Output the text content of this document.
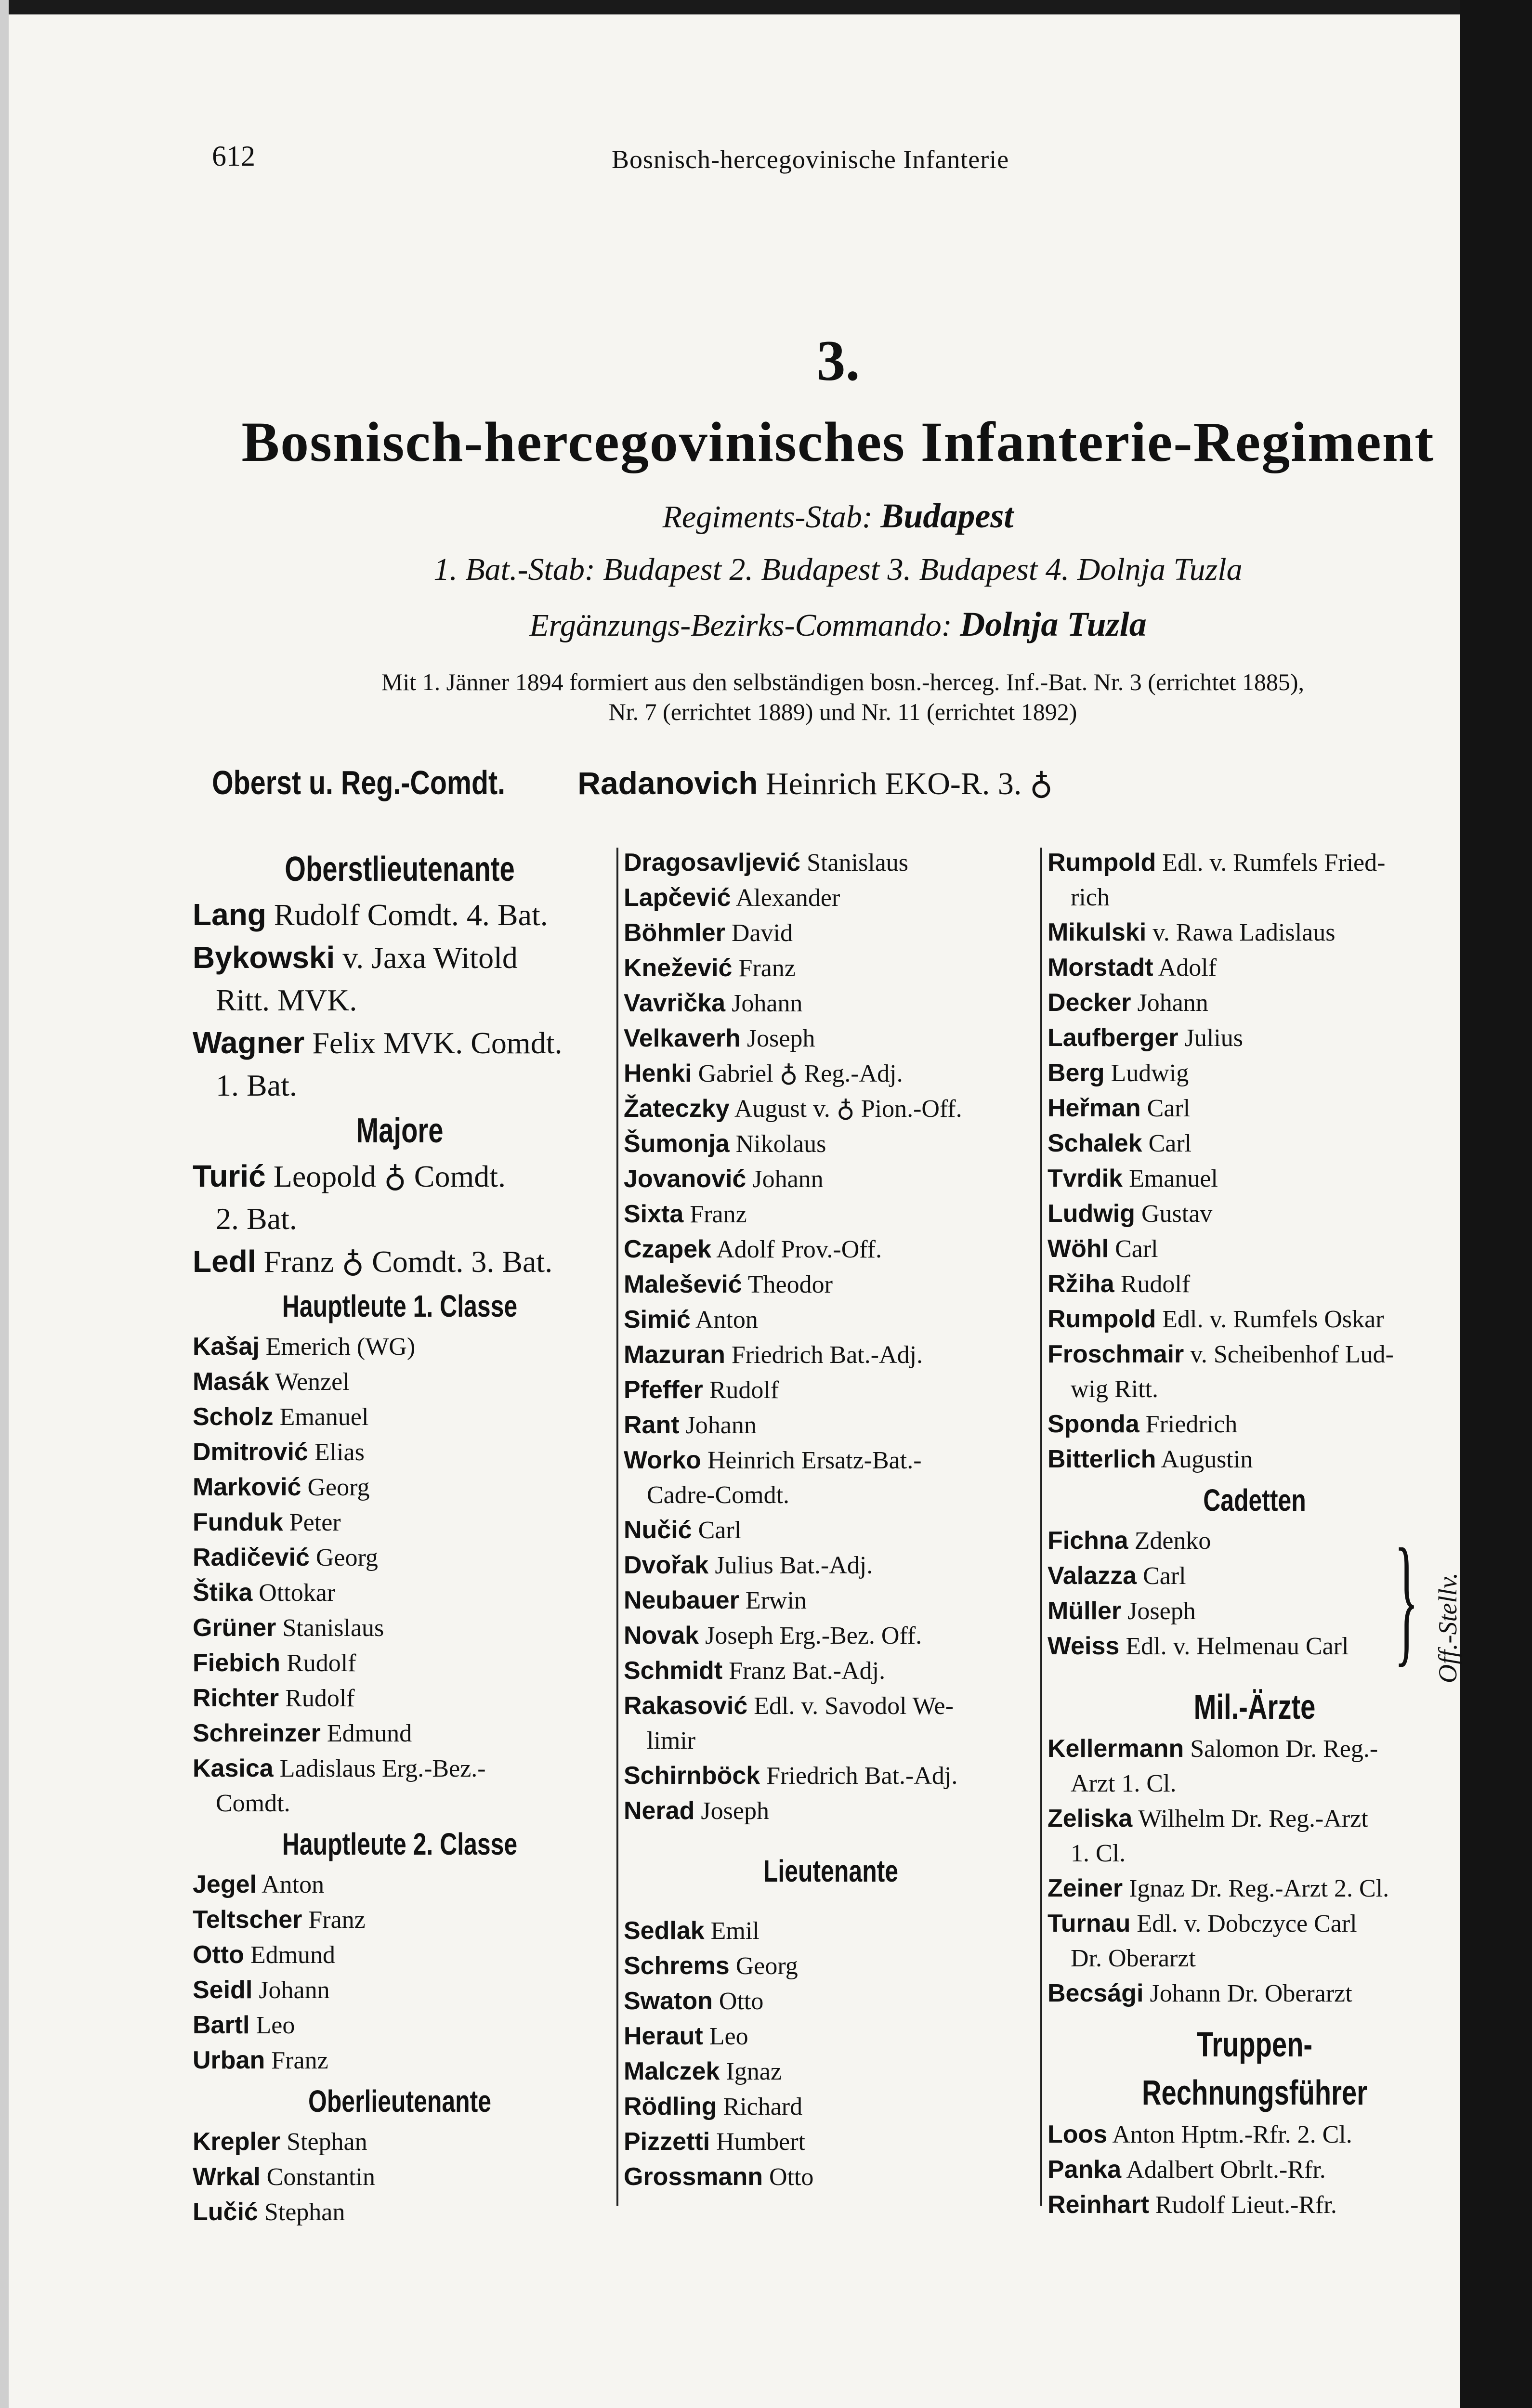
612	Bosnisch-hercegovinische Infanterie
3.
Bosnisch-hercegovinisches Infanterie-Regiment
Regiments-Stab: Budapest
1. Bat.-Stab: Budapest 2. Budapest 3. Budapest 4. Dolnja Tuzla
Ergänzungs-Bezirks-Commando: Dolnja Tuzla
Mit 1. Jänner 1894 formiert aus den selbständigen bosn.-herceg. Inf.-Bat. Nr. 3 (errichtet 1885),
Nr. 7 (errichtet 1889) und Nr. 11 (errichtet 1892)
Oberst u. Reg.-Comdt. Radanovich Heinrich EKO-R. 3. ♁
Oberstlieutenante
Lang Rudolf Comdt. 4. Bat.
Bykowski v. Jaxa Witold
Ritt. MVK.
Wagner Felix MVK. Comdt.
1. Bat.
Majore
Turić Leopold ♁ Comdt.
2. Bat.
Ledl Franz ♁ Comdt. 3. Bat.
Hauptleute 1. Classe
Kašaj Emerich (WG)
Masák Wenzel
Scholz Emanuel
Dmitrović Elias
Marković Georg
Funduk Peter
Radičević Georg
Štika Ottokar
Grüner Stanislaus
Fiebich Rudolf
Richter Rudolf
Schreinzer Edmund
Kasica Ladislaus Erg.-Bez.-
Comdt.
Hauptleute 2. Classe
Jegel Anton
Teltscher Franz
Otto Edmund
Seidl Johann
Bartl Leo
Urban Franz
Oberlieutenante
Krepler Stephan
Wrkal Constantin
Lučić Stephan
Dragosavljević Stanislaus
Lapčević Alexander
Böhmler David
Knežević Franz
Vavrička Johann
Velkaverh Joseph
Henki Gabriel ♁ Reg.-Adj.
Žateczky August v. ♁ Pion.-Off.
Šumonja Nikolaus
Jovanović Johann
Sixta Franz
Czapek Adolf Prov.-Off.
Malešević Theodor
Simić Anton
Mazuran Friedrich Bat.-Adj.
Pfeffer Rudolf
Rant Johann
Worko Heinrich Ersatz-Bat.-
Cadre-Comdt.
Nučić Carl
Dvořak Julius Bat.-Adj.
Neubauer Erwin
Novak Joseph Erg.-Bez. Off.
Schmidt Franz Bat.-Adj.
Rakasović Edl. v. Savodol We-
limir
Schirnböck Friedrich Bat.-Adj.
Nerad Joseph
Lieutenante
Sedlak Emil
Schrems Georg
Swaton Otto
Heraut Leo
Malczek Ignaz
Rödling Richard
Pizzetti Humbert
Grossmann Otto
Rumpold Edl. v. Rumfels Fried-
rich
Mikulski v. Rawa Ladislaus
Morstadt Adolf
Decker Johann
Laufberger Julius
Berg Ludwig
Heřman Carl
Schalek Carl
Tvrdik Emanuel
Ludwig Gustav
Wöhl Carl
Ržiha Rudolf
Rumpold Edl. v. Rumfels Oskar
Froschmair v. Scheibenhof Lud-
wig Ritt.
Sponda Friedrich
Bitterlich Augustin
Cadetten
Fichna Zdenko
Valazza Carl
Müller Joseph
Weiss Edl. v. Helmenau Carl
Mil.-Ärzte
Kellermann Salomon Dr. Reg.-
Arzt 1. Cl.
Zeliska Wilhelm Dr. Reg.-Arzt
1. Cl.
Zeiner Ignaz Dr. Reg.-Arzt 2. Cl.
Turnau Edl. v. Dobczyce Carl
Dr. Oberarzt
Becsági Johann Dr. Oberarzt
Truppen-Rechnungsführer
Loos Anton Hptm.-Rfr. 2. Cl.
Panka Adalbert Obrlt.-Rfr.
Reinhart Rudolf Lieut.-Rfr.
} Off.-Stellv.
